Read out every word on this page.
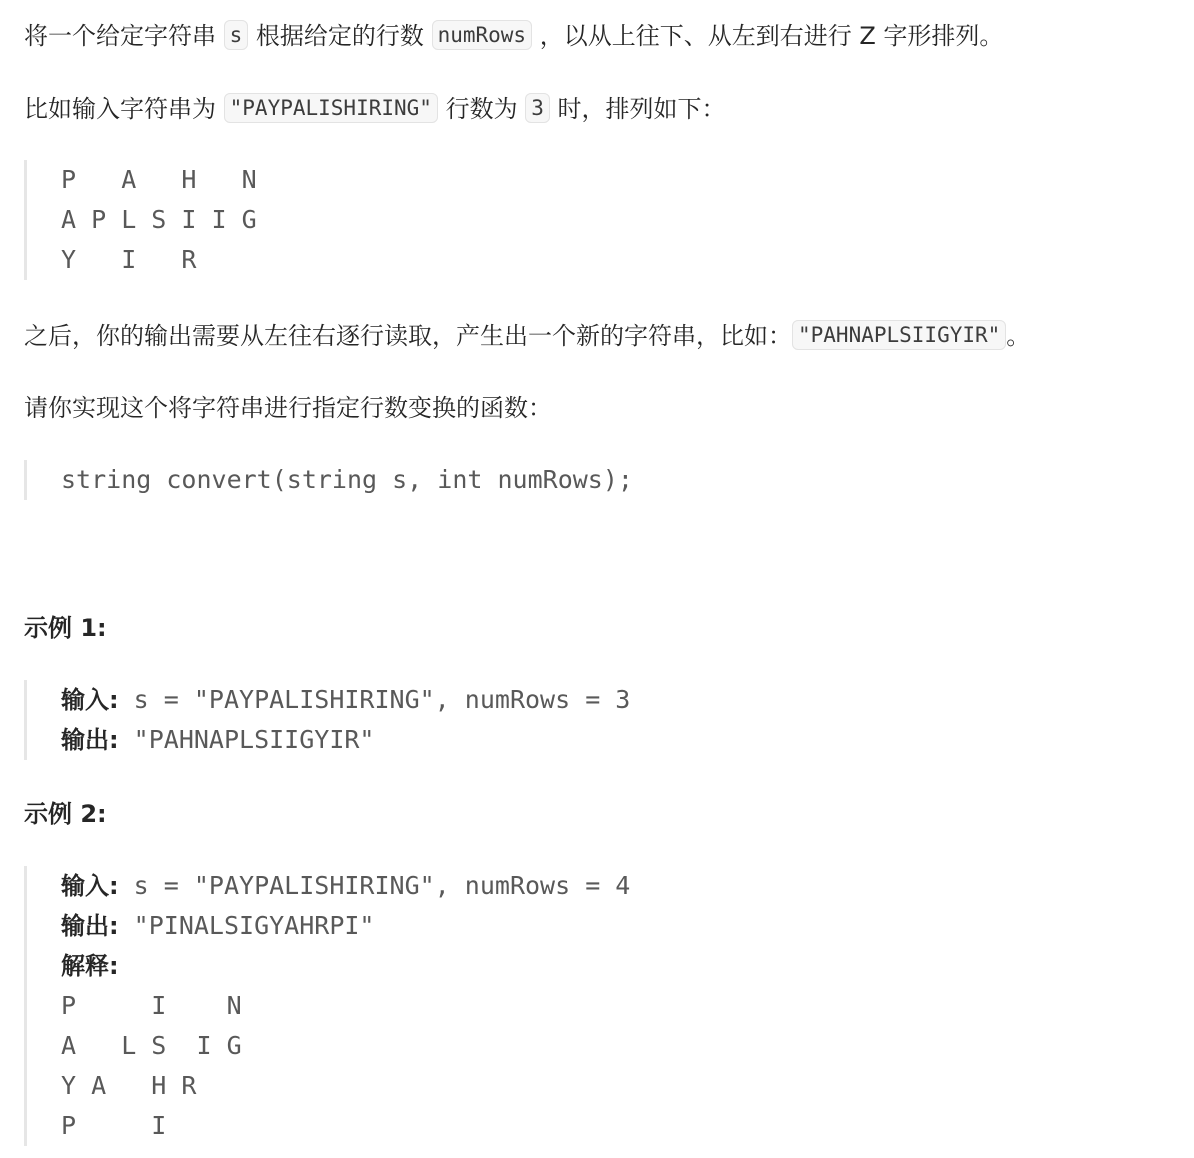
将一个给定字符串 s 根据给定的行数 numRows ，以从上往下、从左到右进行 Z 字形排列。
比如输入字符串为 "PAYPALISHIRING" 行数为 3 时，排列如下：
P   A   H   N
A P L S I I G
Y   I   R
之后，你的输出需要从左往右逐行读取，产生出一个新的字符串，比如： "PAHNAPLSIIGYIR" 。
请你实现这个将字符串进行指定行数变换的函数：
string convert(string s, int numRows);
示例 1:
输入: s = "PAYPALISHIRING", numRows = 3
输出: "PAHNAPLSIIGYIR"
示例 2:
输入: s = "PAYPALISHIRING", numRows = 4
输出: "PINALSIGYAHRPI"
解释:
P     I    N
A   L S  I G
Y A   H R
P     I
